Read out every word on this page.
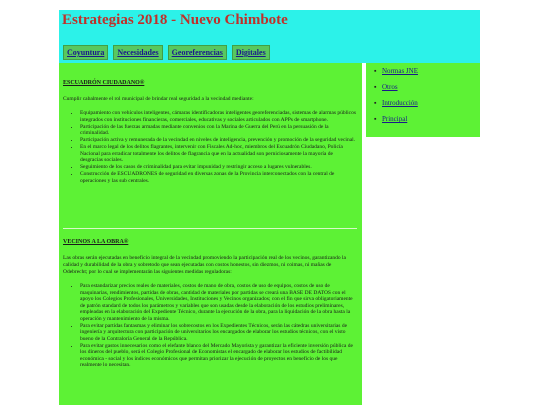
Estrategias 2018 - Nuevo Chimbote
Coyuntura	Necesidades	Georeferencias	Digitales

ESCUADRÓN CIUDADANO®

Cumplir cabalmente el rol municipal de brindar real seguridad a la vecindad mediante:

• Equipamiento con vehículos inteligentes, cámaras identificadoras inteligentes georeferenciadas, sistemas de alarmas públicos integrados con instituciones financieras, comerciales, educativas y sociales articulados con APPs de smartphone.
• Participación de las fuerzas armadas mediante convenios con la Marina de Guerra del Perú en la persuasión de la criminalidad.
• Participación activa y remunerada de la vecindad en niveles de inteligencia, prevención y promoción de la seguridad vecinal.
• En el marco legal de los delitos flagrantes, intervenir con Fiscales Ad-hoc, miembros del Escuadrón Ciudadano, Policía Nacional para erradicar totalmente los delitos de flagrancia que en la actualidad son perniciosamente la mayoría de desgracias sociales.
• Seguimiento de los casos de criminalidad para evitar impunidad y restringir acceso a lugares vulnerables.
• Construcción de ESCUADRONES de seguridad en diversas zonas de la Provincia interconectados con la central de operaciones y las sub centrales.

VECINOS A LA OBRA®

Las obras serán ejecutadas en beneficio integral de la vecindad promoviendo la participación real de los vecinos, garantizando la calidad y durabilidad de la obra y sobretodo que sean ejecutadas con costos honestos, sin diezmos, ni coimas, ni mañas de Odebrecht; por lo cual se implementarán las siguientes medidas reguladoras:

• Para estandarizar precios reales de materiales, costos de mano de obra, costos de uso de equipos, costos de uso de maquinarias, rendimientos, partidas de obras, cantidad de materiales por partidas se creará una BASE DE DATOS con el apoyo los Colegios Profesionales, Universidades, Instituciones y Vecinos organizados; con el fin que sirva obligatoriamente de patrón standard de todos los parámetros y variables que son usadas desde la elaboración de los estudios preliminares, empleadas en la elaboración del Expediente Técnico, durante la ejecución de la obra, para la liquidación de la obra hasta la operación y mantenimiento de la misma.
• Para evitar partidas fantasmas y eliminar los sobrecostos en los Expedientes Técnicos, serán las cátedras universitarias de ingeniería y arquitectura con participación de universitarios los encargados de elaborar los estudios técnicos, con el visto bueno de la Contraloría General de la República.
• Para evitar gastos innecesarios como el elefante blanco del Mercado Mayorista y garantizar la eficiente inversión pública de los dineros del pueblo, será el Colegio Profesional de Economistas el encargado de elaborar los estudios de factibilidad económica - social y los índices económicos que permitan priorizar la ejecución de proyectos en beneficio de los que realmente lo necesitan.
▪ Normas JNE
▪ Otros
▪ Introducción
▪ Principal
